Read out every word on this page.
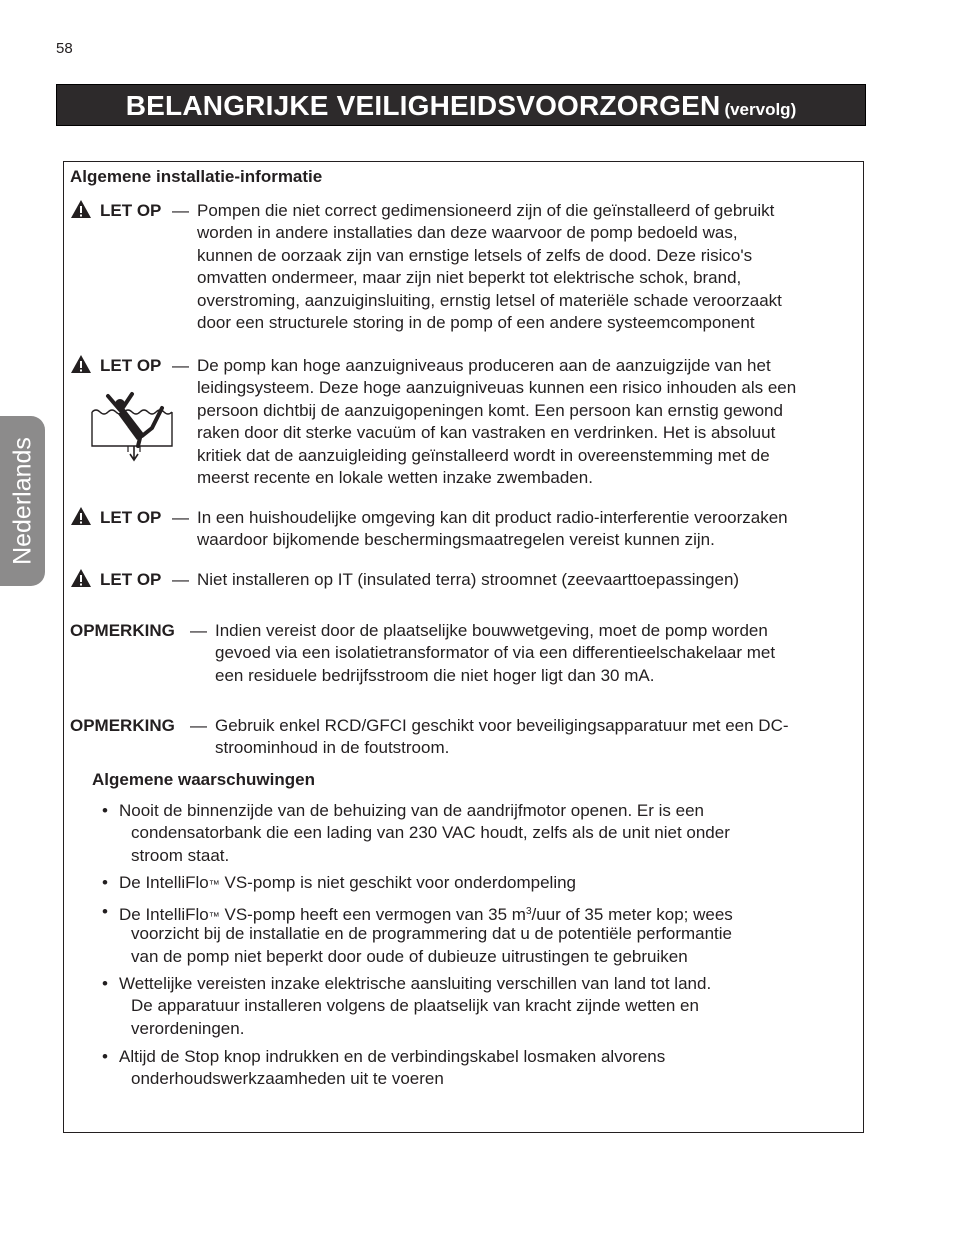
58
BELANGRIJKE VEILIGHEIDSVOORZORGEN (vervolg)
Nederlands
Algemene installatie-informatie
LET OP — Pompen die niet correct gedimensioneerd zijn of die geïnstalleerd of gebruikt
worden in andere installaties dan deze waarvoor de pomp bedoeld was,
kunnen de oorzaak zijn van ernstige letsels of zelfs de dood. Deze risico's
omvatten ondermeer, maar zijn niet beperkt tot elektrische schok, brand,
overstroming, aanzuiginsluiting, ernstig letsel of materiële schade veroorzaakt
door een structurele storing in de pomp of een andere systeemcomponent
LET OP — De pomp kan hoge aanzuigniveaus produceren aan de aanzuigzijde van het
leidingsysteem. Deze hoge aanzuigniveuas kunnen een risico inhouden als een
persoon dichtbij de aanzuigopeningen komt. Een persoon kan ernstig gewond
raken door dit sterke vacuüm of kan vastraken en verdrinken. Het is absoluut
kritiek dat de aanzuigleiding geïnstalleerd wordt in overeenstemming met de
meerst recente en lokale wetten inzake zwembaden.
LET OP — In een huishoudelijke omgeving kan dit product radio-interferentie veroorzaken
waardoor bijkomende beschermingsmaatregelen vereist kunnen zijn.
LET OP — Niet installeren op IT (insulated terra) stroomnet (zeevaarttoepassingen)
OPMERKING — Indien vereist door de plaatselijke bouwwetgeving, moet de pomp worden
gevoed via een isolatietransformator of via een differentieelschakelaar met
een residuele bedrijfsstroom die niet hoger ligt dan 30 mA.
OPMERKING — Gebruik enkel RCD/GFCI geschikt voor beveiligingsapparatuur met een DC-
stroominhoud in de foutstroom.
Algemene waarschuwingen
• Nooit de binnenzijde van de behuizing van de aandrijfmotor openen. Er is een
condensatorbank die een lading van 230 VAC houdt, zelfs als de unit niet onder
stroom staat.
• De IntelliFlo™ VS-pomp is niet geschikt voor onderdompeling
• De IntelliFlo™ VS-pomp heeft een vermogen van 35 $m^3$/uur of 35 meter kop; wees
voorzicht bij de installatie en de programmering dat u de potentiële performantie
van de pomp niet beperkt door oude of dubieuze uitrustingen te gebruiken
• Wettelijke vereisten inzake elektrische aansluiting verschillen van land tot land.
De apparatuur installeren volgens de plaatselijk van kracht zijnde wetten en
verordeningen.
• Altijd de Stop knop indrukken en de verbindingskabel losmaken alvorens
onderhoudswerkzaamheden uit te voeren
